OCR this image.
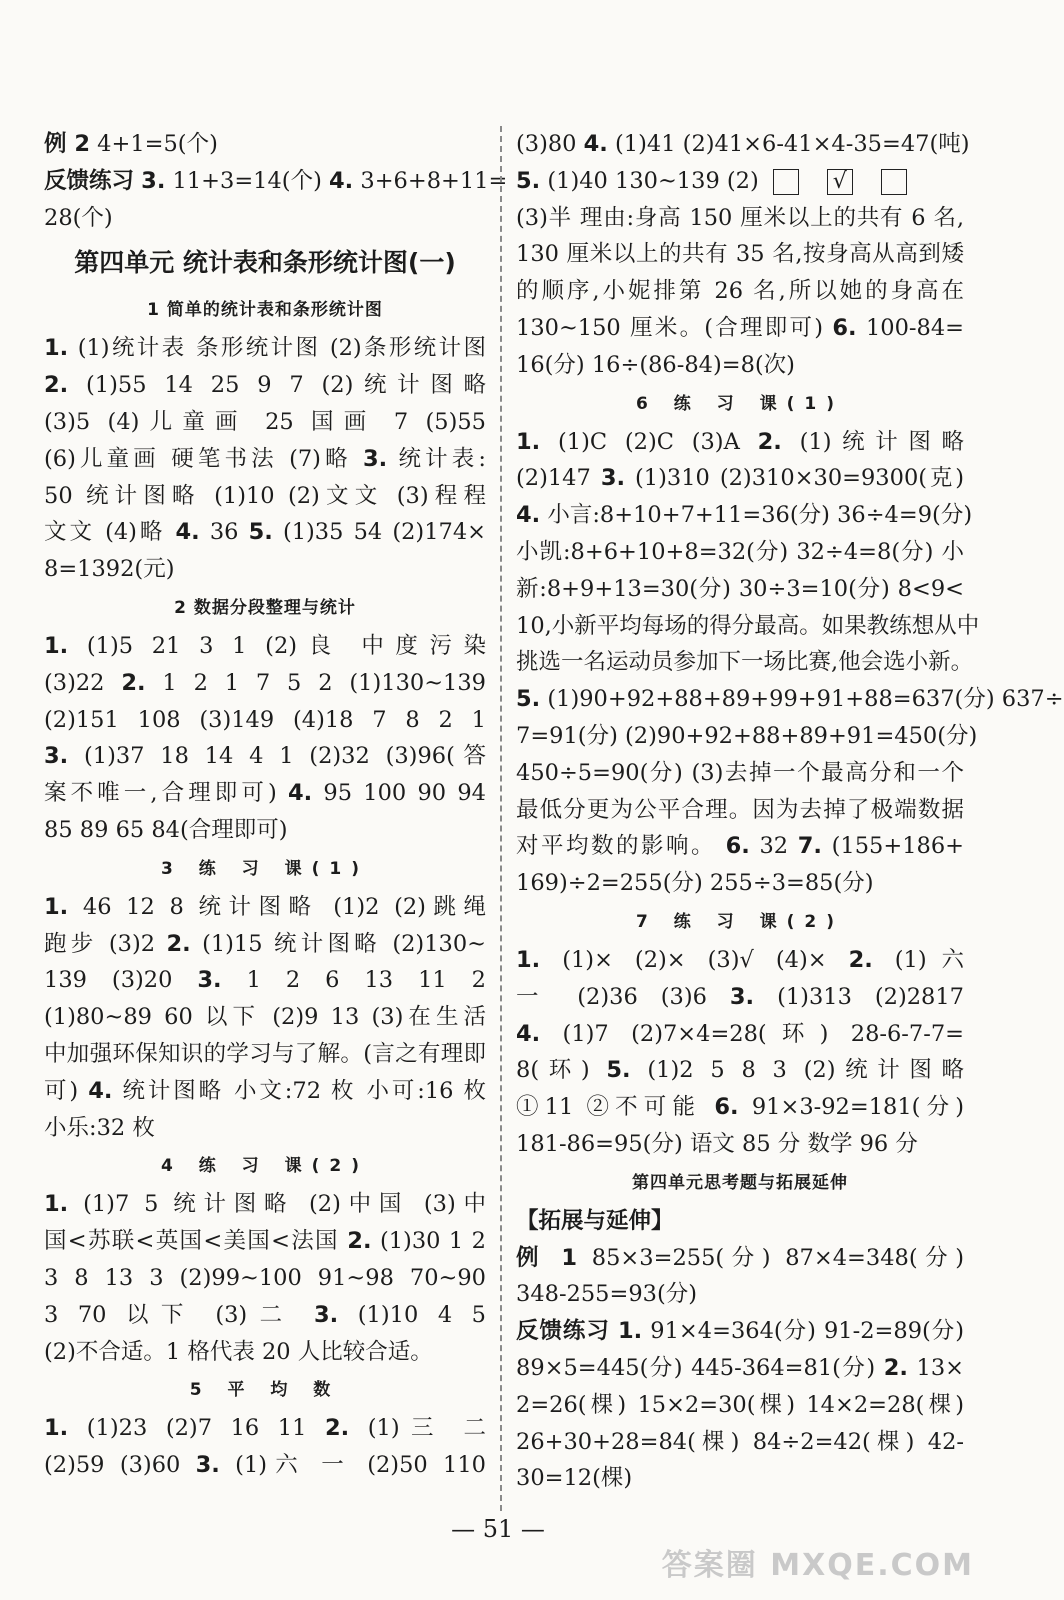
例 2 4+1=5(个)
反馈练习 3. 11+3=14(个) 4. 3+6+8+11=
28(个)
第四单元 统计表和条形统计图(一)
1 简单的统计表和条形统计图
1. (1)统计表 条形统计图 (2)条形统计图
2. (1)55 14 25 9 7 (2)统计图略
(3)5 (4)儿童画 25 国画 7 (5)55
(6)儿童画 硬笔书法 (7)略 3. 统计表:
50 统计图略 (1)10 (2)文文 (3)程程
文文 (4)略 4. 36 5. (1)35 54 (2)174×
8=1392(元)
2 数据分段整理与统计
1. (1)5 21 3 1 (2)良 中度污染
(3)22 2. 1 2 1 7 5 2 (1)130~139
(2)151 108 (3)149 (4)18 7 8 2 1
3. (1)37 18 14 4 1 (2)32 (3)96(答
案不唯一,合理即可) 4. 95 100 90 94
85 89 65 84(合理即可)
3 练 习 课(1)
1. 46 12 8 统计图略 (1)2 (2)跳绳
跑步 (3)2 2. (1)15 统计图略 (2)130~
139 (3)20 3. 1 2 6 13 11 2
(1)80~89 60 以下 (2)9 13 (3)在生活
中加强环保知识的学习与了解。(言之有理即
可) 4. 统计图略 小文:72 枚 小可:16 枚
小乐:32 枚
4 练 习 课(2)
1. (1)7 5 统计图略 (2)中国 (3)中
国<苏联<英国<美国<法国 2. (1)30 1 2
3 8 13 3 (2)99~100 91~98 70~90
3 70 以下 (3)二 3. (1)10 4 5
(2)不合适。1 格代表 20 人比较合适。
5 平 均 数
1. (1)23 (2)7 16 11 2. (1)三 二
(2)59 (3)60 3. (1)六 一 (2)50 110
(3)80 4. (1)41 (2)41×6-41×4-35=47(吨)
5. (1)40 130~139 (2)	√
(3)半 理由:身高 150 厘米以上的共有 6 名,
130 厘米以上的共有 35 名,按身高从高到矮
的顺序,小妮排第 26 名,所以她的身高在
130~150 厘米。(合理即可) 6. 100-84=
16(分) 16÷(86-84)=8(次)
6 练 习 课(1)
1. (1)C (2)C (3)A 2. (1)统计图略
(2)147 3. (1)310 (2)310×30=9300(克)
4. 小言:8+10+7+11=36(分) 36÷4=9(分)
小凯:8+6+10+8=32(分) 32÷4=8(分) 小
新:8+9+13=30(分) 30÷3=10(分) 8<9<
10,小新平均每场的得分最高。如果教练想从中
挑选一名运动员参加下一场比赛,他会选小新。
5. (1)90+92+88+89+99+91+88=637(分) 637÷
7=91(分) (2)90+92+88+89+91=450(分)
450÷5=90(分) (3)去掉一个最高分和一个
最低分更为公平合理。因为去掉了极端数据
对平均数的影响。 6. 32 7. (155+186+
169)÷2=255(分) 255÷3=85(分)
7 练 习 课(2)
1. (1)× (2)× (3)√ (4)× 2. (1)六
一 (2)36 (3)6 3. (1)313 (2)2817
4. (1)7 (2)7×4=28(环) 28-6-7-7=
8(环) 5. (1)2 5 8 3 (2)统计图略
①11 ②不可能 6. 91×3-92=181(分)
181-86=95(分) 语文 85 分 数学 96 分
第四单元思考题与拓展延伸
【拓展与延伸】
例 1 85×3=255(分) 87×4=348(分)
348-255=93(分)
反馈练习 1. 91×4=364(分) 91-2=89(分)
89×5=445(分) 445-364=81(分) 2. 13×
2=26(棵) 15×2=30(棵) 14×2=28(棵)
26+30+28=84(棵) 84÷2=42(棵) 42-
30=12(棵)
— 51 —
答案圈 MXQE.COM
